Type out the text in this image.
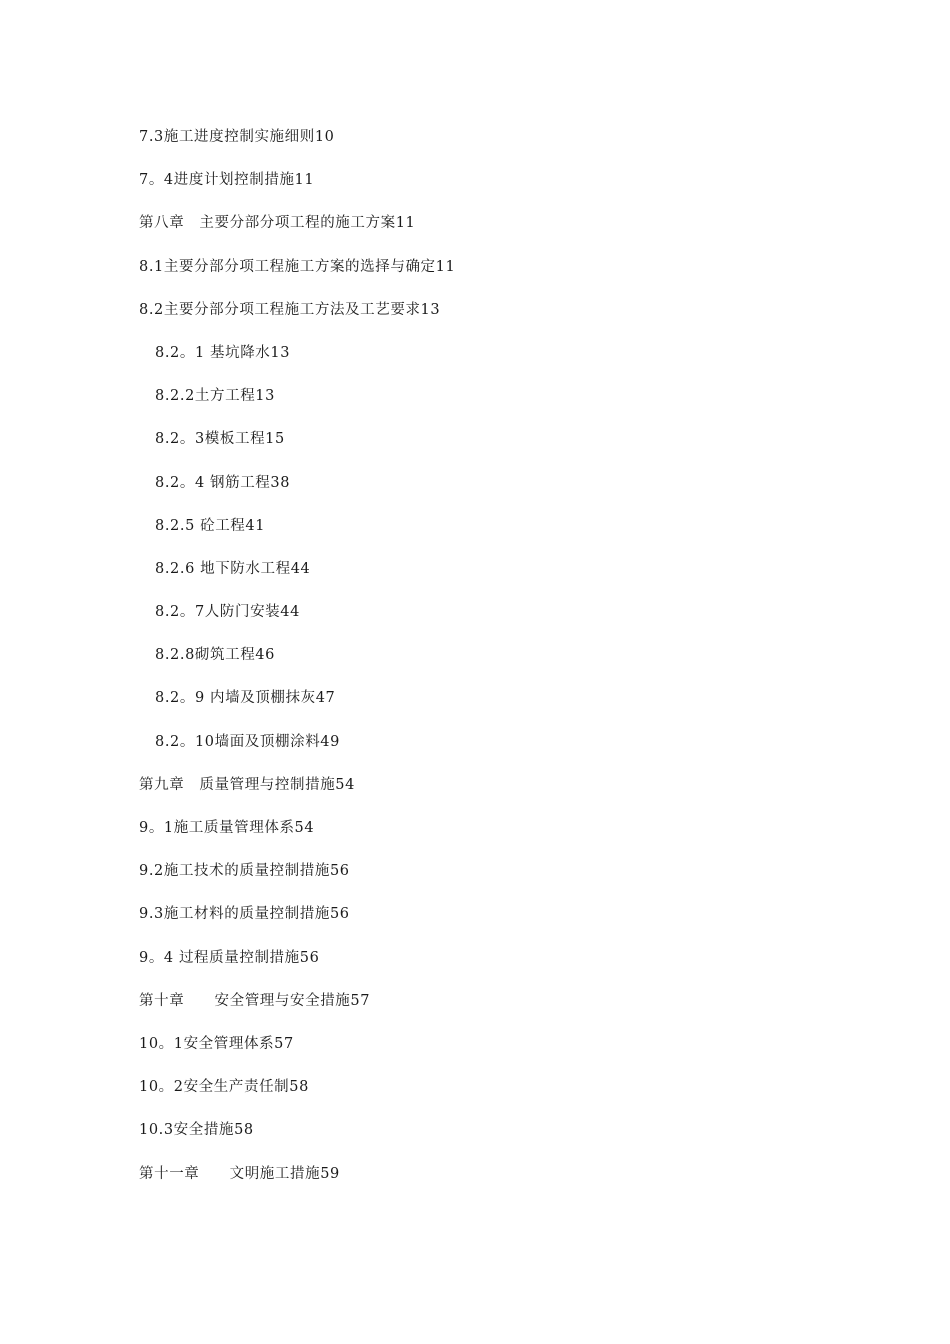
7.3施工进度控制实施细则10
7。4进度计划控制措施11
第八章　主要分部分项工程的施工方案11
8.1主要分部分项工程施工方案的选择与确定11
8.2主要分部分项工程施工方法及工艺要求13
8.2。1 基坑降水13
8.2.2土方工程13
8.2。3模板工程15
8.2。4 钢筋工程38
8.2.5 砼工程41
8.2.6 地下防水工程44
8.2。7人防门安装44
8.2.8砌筑工程46
8.2。9 内墙及顶棚抹灰47
8.2。10墙面及顶棚涂料49
第九章　质量管理与控制措施54
9。1施工质量管理体系54
9.2施工技术的质量控制措施56
9.3施工材料的质量控制措施56
9。4 过程质量控制措施56
第十章　　安全管理与安全措施57
10。1安全管理体系57
10。2安全生产责任制58
10.3安全措施58
第十一章　　文明施工措施59
